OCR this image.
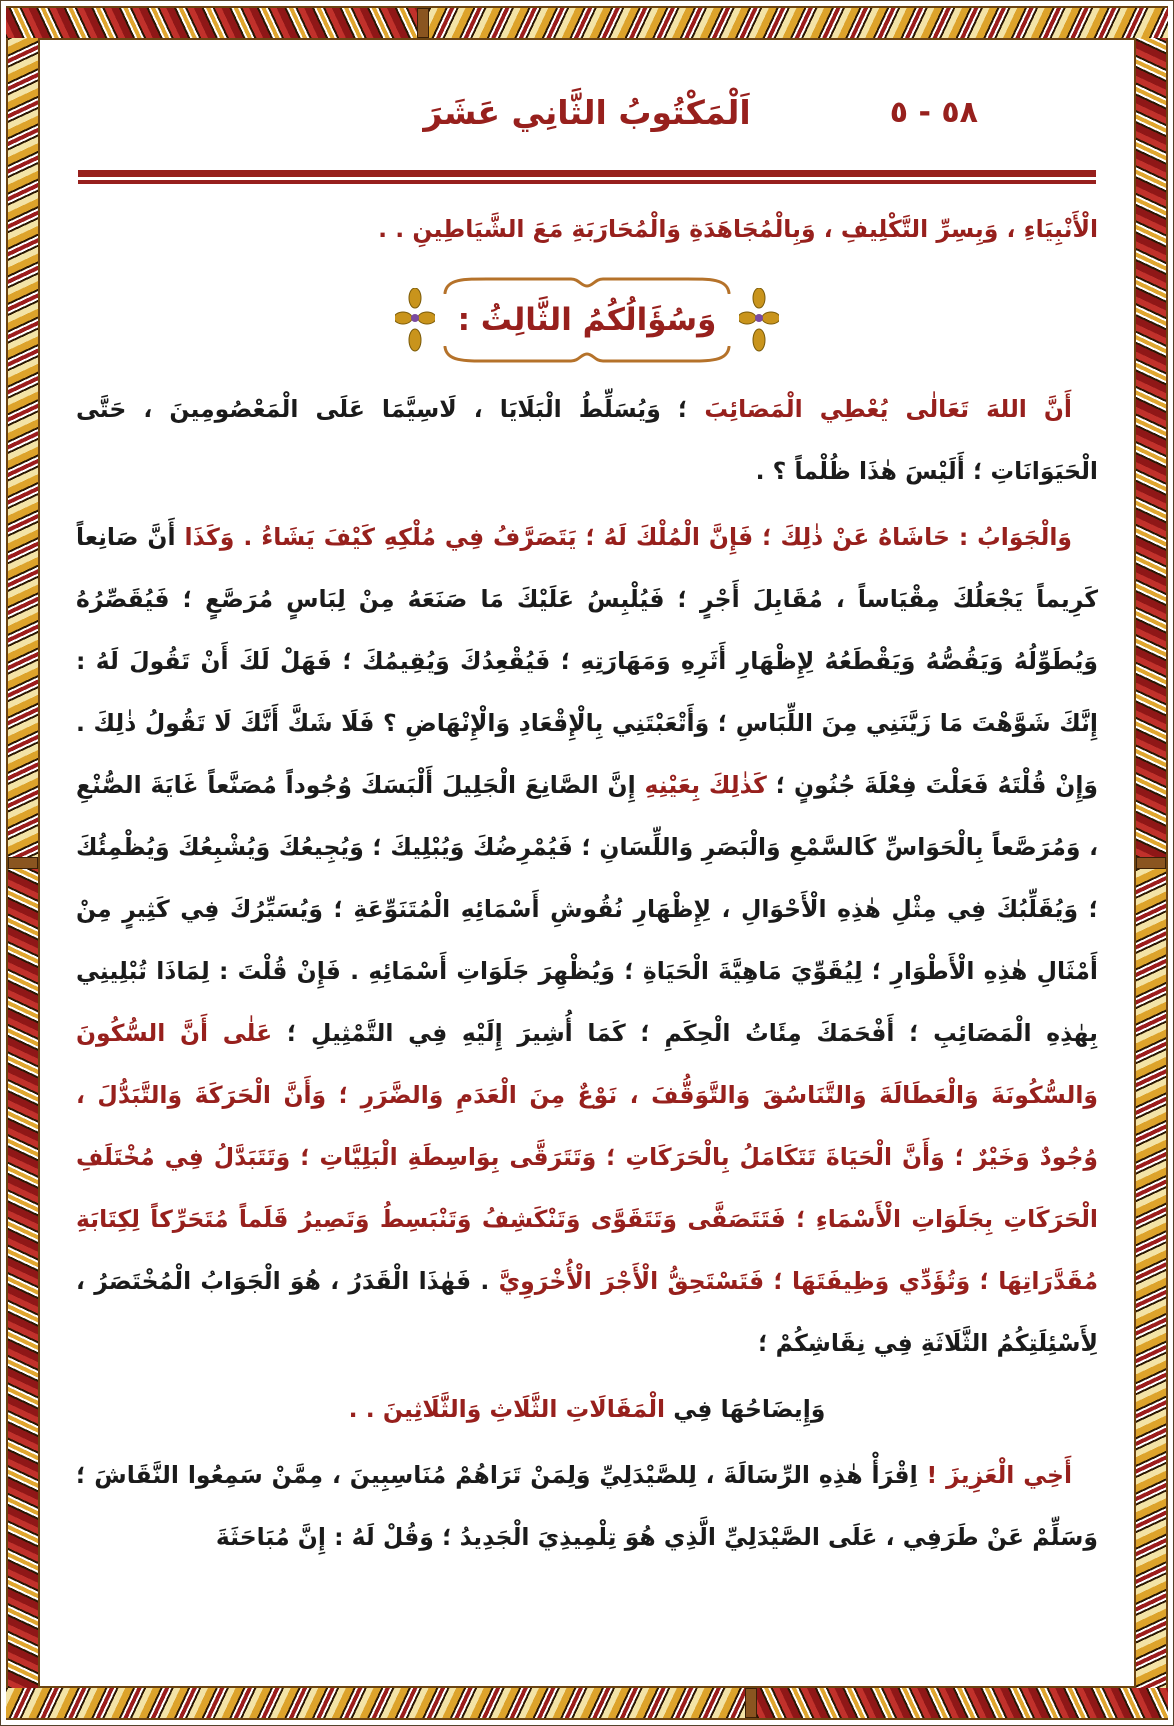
٥٨ - ٥
اَلْمَكْتُوبُ الثَّانِي عَشَرَ

الْأَنْبِيَاءِ ، وَبِسِرِّ التَّكْلِيفِ ، وَبِالْمُجَاهَدَةِ وَالْمُحَارَبَةِ مَعَ الشَّيَاطِينِ . .

وَسُؤَالُكُمُ الثَّالِثُ :

أَنَّ اللهَ تَعَالٰى يُعْطِي الْمَصَائِبَ ؛ وَيُسَلِّطُ الْبَلَايَا ، لَاسِيَّمَا عَلَى الْمَعْصُومِينَ ، حَتَّى الْحَيَوَانَاتِ ؛ أَلَيْسَ هٰذَا ظُلْماً ؟ .

وَالْجَوَابُ : حَاشَاهُ عَنْ ذٰلِكَ ؛ فَإِنَّ الْمُلْكَ لَهُ ؛ يَتَصَرَّفُ فِي مُلْكِهِ كَيْفَ يَشَاءُ . وَكَذَا أَنَّ صَانِعاً كَرِيماً يَجْعَلُكَ مِقْيَاساً ، مُقَابِلَ أَجْرٍ ؛ فَيُلْبِسُ عَلَيْكَ مَا صَنَعَهُ مِنْ لِبَاسٍ مُرَصَّعٍ ؛ فَيُقَصِّرُهُ وَيُطَوِّلُهُ وَيَقُصُّهُ وَيَقْطَعُهُ لِإِظْهَارِ أَثَرِهِ وَمَهَارَتِهِ ؛ فَيُقْعِدُكَ وَيُقِيمُكَ ؛ فَهَلْ لَكَ أَنْ تَقُولَ لَهُ : إِنَّكَ شَوَّهْتَ مَا زَيَّنَنِي مِنَ اللِّبَاسِ ؛ وَأَتْعَبْتَنِي بِالْإِقْعَادِ وَالْإِنْهَاضِ ؟ فَلَا شَكَّ أَنَّكَ لَا تَقُولُ ذٰلِكَ . وَإِنْ قُلْتَهُ فَعَلْتَ فِعْلَةَ جُنُونٍ ؛ كَذٰلِكَ بِعَيْنِهِ إِنَّ الصَّانِعَ الْجَلِيلَ أَلْبَسَكَ وُجُوداً مُصَنَّعاً غَايَةَ الصُّنْعِ ، وَمُرَصَّعاً بِالْحَوَاسِّ كَالسَّمْعِ وَالْبَصَرِ وَاللِّسَانِ ؛ فَيُمْرِضُكَ وَيُبْلِيكَ ؛ وَيُجِيعُكَ وَيُشْبِعُكَ وَيُظْمِئُكَ ؛ وَيُقَلِّبُكَ فِي مِثْلِ هٰذِهِ الْأَحْوَالِ ، لِإِظْهَارِ نُقُوشِ أَسْمَائِهِ الْمُتَنَوِّعَةِ ؛ وَيُسَيِّرُكَ فِي كَثِيرٍ مِنْ أَمْثَالِ هٰذِهِ الْأَطْوَارِ ؛ لِيُقَوِّيَ مَاهِيَّةَ الْحَيَاةِ ؛ وَيُظْهِرَ جَلَوَاتِ أَسْمَائِهِ . فَإِنْ قُلْتَ : لِمَاذَا تُبْلِينِي بِهٰذِهِ الْمَصَائِبِ ؛ أَفْحَمَكَ مِئَاتُ الْحِكَمِ ؛ كَمَا أُشِيرَ إِلَيْهِ فِي التَّمْثِيلِ ؛ عَلٰى أَنَّ السُّكُونَ وَالسُّكُونَةَ وَالْعَطَالَةَ وَالتَّنَاسُقَ وَالتَّوَقُّفَ ، نَوْعٌ مِنَ الْعَدَمِ وَالضَّرَرِ ؛ وَأَنَّ الْحَرَكَةَ وَالتَّبَدُّلَ ، وُجُودٌ وَخَيْرٌ ؛ وَأَنَّ الْحَيَاةَ تَتَكَامَلُ بِالْحَرَكَاتِ ؛ وَتَتَرَقَّى بِوَاسِطَةِ الْبَلِيَّاتِ ؛ وَتَتَبَدَّلُ فِي مُخْتَلَفِ الْحَرَكَاتِ بِجَلَوَاتِ الْأَسْمَاءِ ؛ فَتَتَصَفَّى وَتَتَقَوَّى وَتَنْكَشِفُ وَتَنْبَسِطُ وَتَصِيرُ قَلَماً مُتَحَرِّكاً لِكِتَابَةِ مُقَدَّرَاتِهَا ؛ وَتُؤَدِّي وَظِيفَتَهَا ؛ فَتَسْتَحِقُّ الْأَجْرَ الْأُخْرَوِيَّ . فَهٰذَا الْقَدَرُ ، هُوَ الْجَوَابُ الْمُخْتَصَرُ ، لِأَسْئِلَتِكُمُ الثَّلَاثَةِ فِي نِقَاشِكُمْ ؛

وَإِيضَاحُهَا فِي الْمَقَالَاتِ الثَّلَاثِ وَالثَّلَاثِينَ . .

أَخِي الْعَزِيزَ ! اِقْرَأْ هٰذِهِ الرِّسَالَةَ ، لِلصَّيْدَلِيِّ وَلِمَنْ تَرَاهُمْ مُنَاسِبِينَ ، مِمَّنْ سَمِعُوا النَّقَاشَ ؛ وَسَلِّمْ عَنْ طَرَفِي ، عَلَى الصَّيْدَلِيِّ الَّذِي هُوَ تِلْمِيذِيَ الْجَدِيدُ ؛ وَقُلْ لَهُ : إِنَّ مُبَاحَثَةَ
